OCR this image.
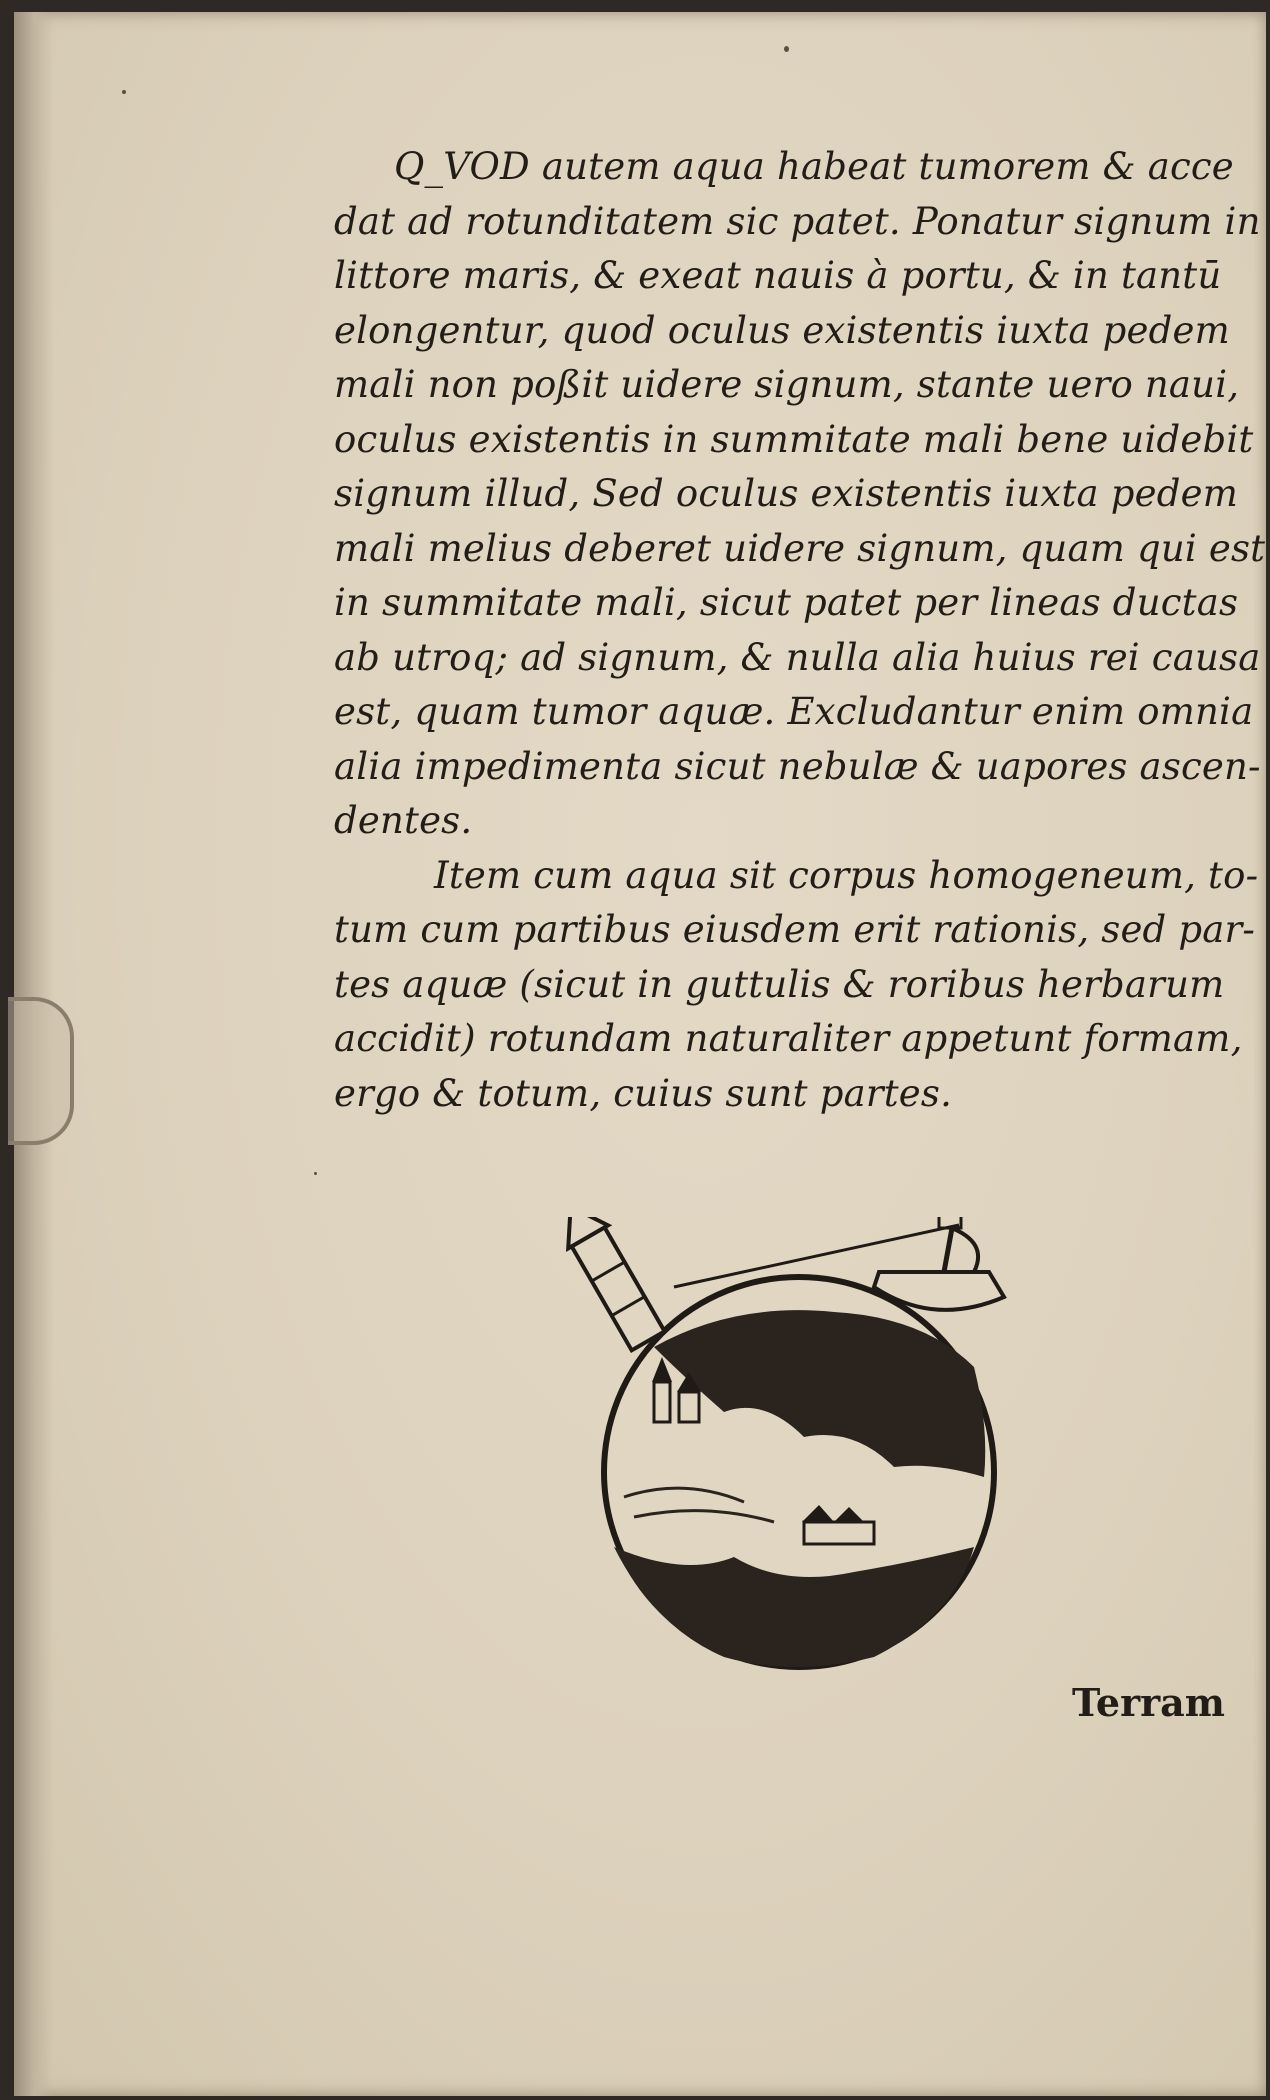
Q_VOD autem aqua habeat tumorem & acce
dat ad rotunditatem sic patet. Ponatur signum in
littore maris, & exeat nauis à portu, & in tantū
elongentur, quod oculus existentis iuxta pedem
mali non poßit uidere signum, stante uero naui,
oculus existentis in summitate mali bene uidebit
signum illud, Sed oculus existentis iuxta pedem
mali melius deberet uidere signum, quam qui est
in summitate mali, sicut patet per lineas ductas
ab utroq; ad signum, & nulla alia huius rei causa
est, quam tumor aquæ. Excludantur enim omnia
alia impedimenta sicut nebulæ & uapores ascen-
dentes.
Item cum aqua sit corpus homogeneum, to-
tum cum partibus eiusdem erit rationis, sed par-
tes aquæ (sicut in guttulis & roribus herbarum
accidit) rotundam naturaliter appetunt formam,
ergo & totum, cuius sunt partes.
Terram
